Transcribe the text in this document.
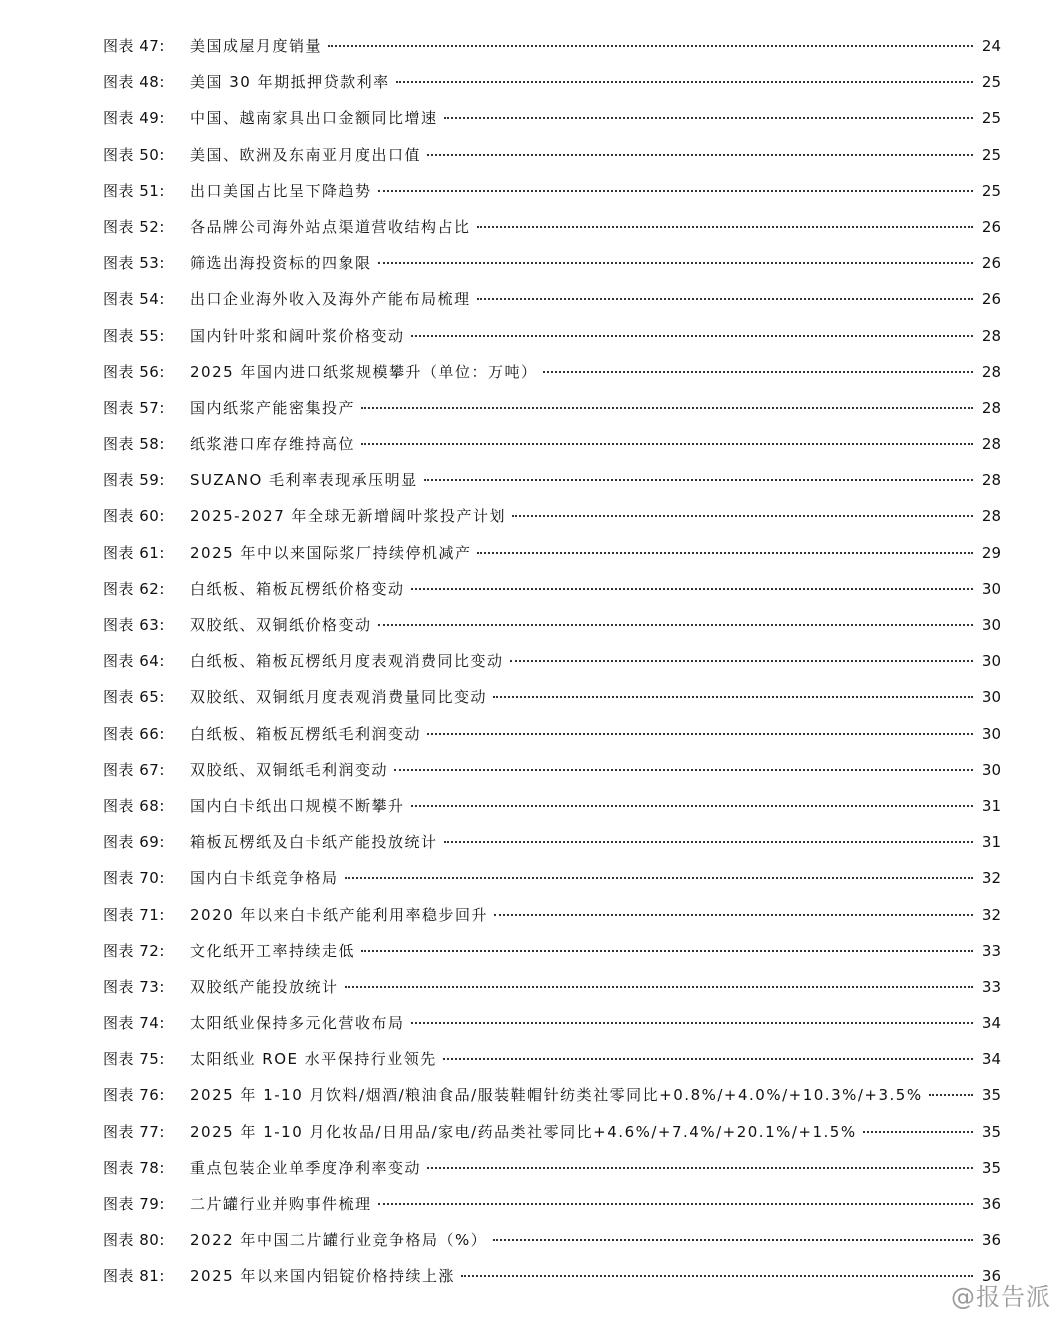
图表 47:	美国成屋月度销量	24
图表 48:	美国 30 年期抵押贷款利率	25
图表 49:	中国、越南家具出口金额同比增速	25
图表 50:	美国、欧洲及东南亚月度出口值	25
图表 51:	出口美国占比呈下降趋势	25
图表 52:	各品牌公司海外站点渠道营收结构占比	26
图表 53:	筛选出海投资标的四象限	26
图表 54:	出口企业海外收入及海外产能布局梳理	26
图表 55:	国内针叶浆和阔叶浆价格变动	28
图表 56:	2025 年国内进口纸浆规模攀升（单位：万吨）	28
图表 57:	国内纸浆产能密集投产	28
图表 58:	纸浆港口库存维持高位	28
图表 59:	SUZANO 毛利率表现承压明显	28
图表 60:	2025-2027 年全球无新增阔叶浆投产计划	28
图表 61:	2025 年中以来国际浆厂持续停机减产	29
图表 62:	白纸板、箱板瓦楞纸价格变动	30
图表 63:	双胶纸、双铜纸价格变动	30
图表 64:	白纸板、箱板瓦楞纸月度表观消费同比变动	30
图表 65:	双胶纸、双铜纸月度表观消费量同比变动	30
图表 66:	白纸板、箱板瓦楞纸毛利润变动	30
图表 67:	双胶纸、双铜纸毛利润变动	30
图表 68:	国内白卡纸出口规模不断攀升	31
图表 69:	箱板瓦楞纸及白卡纸产能投放统计	31
图表 70:	国内白卡纸竞争格局	32
图表 71:	2020 年以来白卡纸产能利用率稳步回升	32
图表 72:	文化纸开工率持续走低	33
图表 73:	双胶纸产能投放统计	33
图表 74:	太阳纸业保持多元化营收布局	34
图表 75:	太阳纸业 ROE 水平保持行业领先	34
图表 76:	2025 年 1-10 月饮料/烟酒/粮油食品/服装鞋帽针纺类社零同比+0.8%/+4.0%/+10.3%/+3.5%	35
图表 77:	2025 年 1-10 月化妆品/日用品/家电/药品类社零同比+4.6%/+7.4%/+20.1%/+1.5%	35
图表 78:	重点包装企业单季度净利率变动	35
图表 79:	二片罐行业并购事件梳理	36
图表 80:	2022 年中国二片罐行业竞争格局（%）	36
图表 81:	2025 年以来国内铝锭价格持续上涨	36
@报告派
